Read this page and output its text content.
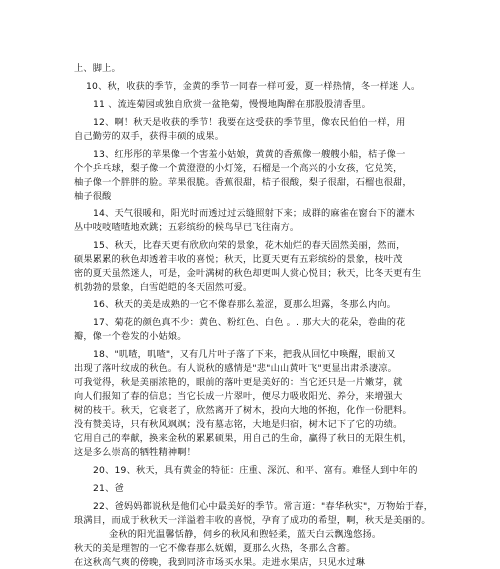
上、脚上。
10、秋，收获的季节，金黄的季节一同春一样可爱，夏一样热情，冬一样迷 人。
11 、流连菊园或独自欣赏一盆艳菊，慢慢地陶醉在那股股清香里。
12、啊！秋天是收获的季节！我要在这受获的季节里，像农民伯伯一样，用
自己勤劳的双手，获得丰硕的成果。
13、红彤彤的苹果像一个害羞小姑娘，黄黄的香蕉像一艘艘小船，桔子像一
个个乒乓球，梨子像一个黄澄澄的小灯笼，石榴是一个高兴的小女孩，它兑笑，
柚子像一个胖胖的脸。苹果很脆。香蕉很甜，桔子很酸，梨子很甜，石榴也很甜，
柚子很酸
14、天气很暖和，阳光时而透过过云缝照射下来；成群的麻雀在窗台下的灌木
丛中吱吱喳喳地欢跳；五彩缤纷的候鸟早已飞往南方。
15、秋天，比春天更有欣欣向荣的景象，花木灿烂的春天固然美丽，然而，
硕果累累的秋色却透着丰收的喜悦；秋天，比夏天更有五彩缤纷的景象，枝叶茂
密的夏天虽然迷人，可是，金叶满树的秋色却更叫人赏心悦目；秋天，比冬天更有生
机勃勃的景象，白雪皑皑的冬天固然可爱。
16、秋天的美是成熟的一它不像春那么羞涩，夏那么坦露，冬那么内向。
17、菊花的颜色真不少：黄色、粉红色、白色 。. 那大大的花朵，卷曲的花
瓣，像一个卷发的小姑娘。
18、"叽喳，叽喳"，又有几片叶子落了下来，把我从回忆中唤醒，眼前又
出现了落叶纹成的秋色。有人说秋的感情是"悲"山山黄叶飞"更显出肃杀凄凉。
可我觉得，秋是美丽浓艳的，眼前的落叶更是美好的：当它还只是一片嫩芽，就
向人们报知了春的信息；当它长成一片翠叶，便尽力吸收阳光、养分，来增强大
树的枝干。秋天，它衰老了，欣然离开了树木，投向大地的怀抱，化作一份肥料。
没有赞美诗，只有秋风飒飒；没有墓志铭，大地是归宿，树木记下了它的功绩。
它用自己的奉献，换来金秋的累累硕果，用自己的生命，赢得了秋日的无限生机，
这是多么崇高的牺牲精神啊！
20、19、秋天，具有黄金的特征：庄重、深沉、和平、富有。难怪人到中年的
21、爸
22、爸妈妈都说秋是他们心中最美好的季节。常言道："春华秋实"，万物始于春，
琅满目，而成于秋秋天一洋溢着丰收的喜悦，孕育了成功的希望，啊，秋天是美丽的。
金秋的阳光温馨恬静，伺乡的秋风和煦轻柔，蓝天白云飘逸悠扬。
秋天的美是理智的一它不像春那么妩媚，夏那么火热，冬那么含蓄。
在这秋高气爽的傍晚，我到同济市场买水果。走进水果店，只见水过琳
